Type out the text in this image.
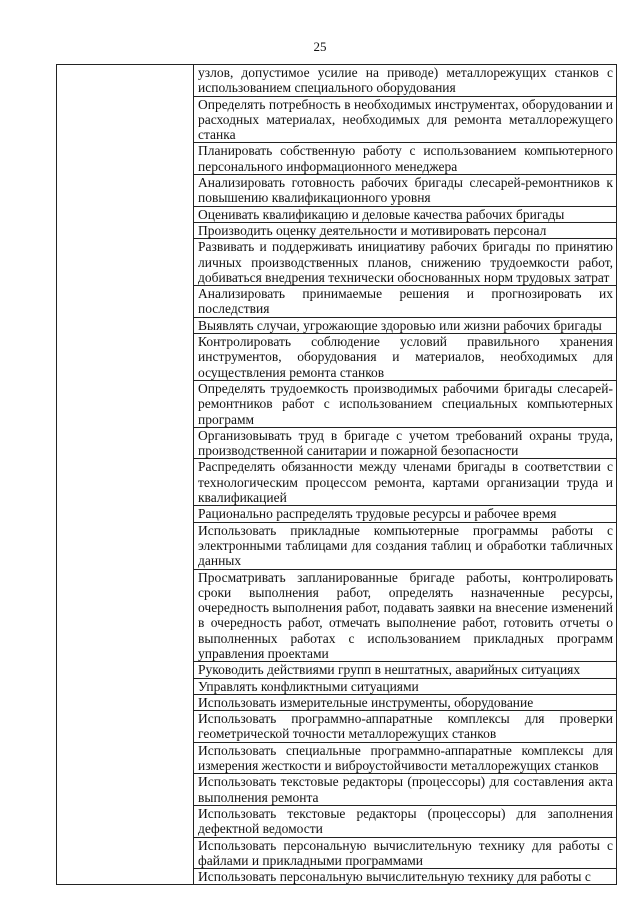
25
	узлов, допустимое усилие на приводе) металлорежущих станков с использованием специального оборудования
Определять потребность в необходимых инструментах, оборудовании и расходных материалах, необходимых для ремонта металлорежущего станка
Планировать собственную работу с использованием компьютерного персонального информационного менеджера
Анализировать готовность рабочих бригады слесарей-ремонтников к повышению квалификационного уровня
Оценивать квалификацию и деловые качества рабочих бригады
Производить оценку деятельности и мотивировать персонал
Развивать и поддерживать инициативу рабочих бригады по принятию личных производственных планов, снижению трудоемкости работ, добиваться внедрения технически обоснованных норм трудовых затрат
Анализировать принимаемые решения и прогнозировать их последствия
Выявлять случаи, угрожающие здоровью или жизни рабочих бригады
Контролировать соблюдение условий правильного хранения инструментов, оборудования и материалов, необходимых для осуществления ремонта станков
Определять трудоемкость производимых рабочими бригады слесарей-ремонтников работ с использованием специальных компьютерных программ
Организовывать труд в бригаде с учетом требований охраны труда, производственной санитарии и пожарной безопасности
Распределять обязанности между членами бригады в соответствии с технологическим процессом ремонта, картами организации труда и квалификацией
Рационально распределять трудовые ресурсы и рабочее время
Использовать прикладные компьютерные программы работы с электронными таблицами для создания таблиц и обработки табличных данных
Просматривать запланированные бригаде работы, контролировать сроки выполнения работ, определять назначенные ресурсы, очередность выполнения работ, подавать заявки на внесение изменений в очередность работ, отмечать выполнение работ, готовить отчеты о выполненных работах с использованием прикладных программ управления проектами
Руководить действиями групп в нештатных, аварийных ситуациях
Управлять конфликтными ситуациями
Использовать измерительные инструменты, оборудование
Использовать программно-аппаратные комплексы для проверки геометрической точности металлорежущих станков
Использовать специальные программно-аппаратные комплексы для измерения жесткости и виброустойчивости металлорежущих станков
Использовать текстовые редакторы (процессоры) для составления акта выполнения ремонта
Использовать текстовые редакторы (процессоры) для заполнения дефектной ведомости
Использовать персональную вычислительную технику для работы с файлами и прикладными программами
Использовать персональную вычислительную технику для работы с
